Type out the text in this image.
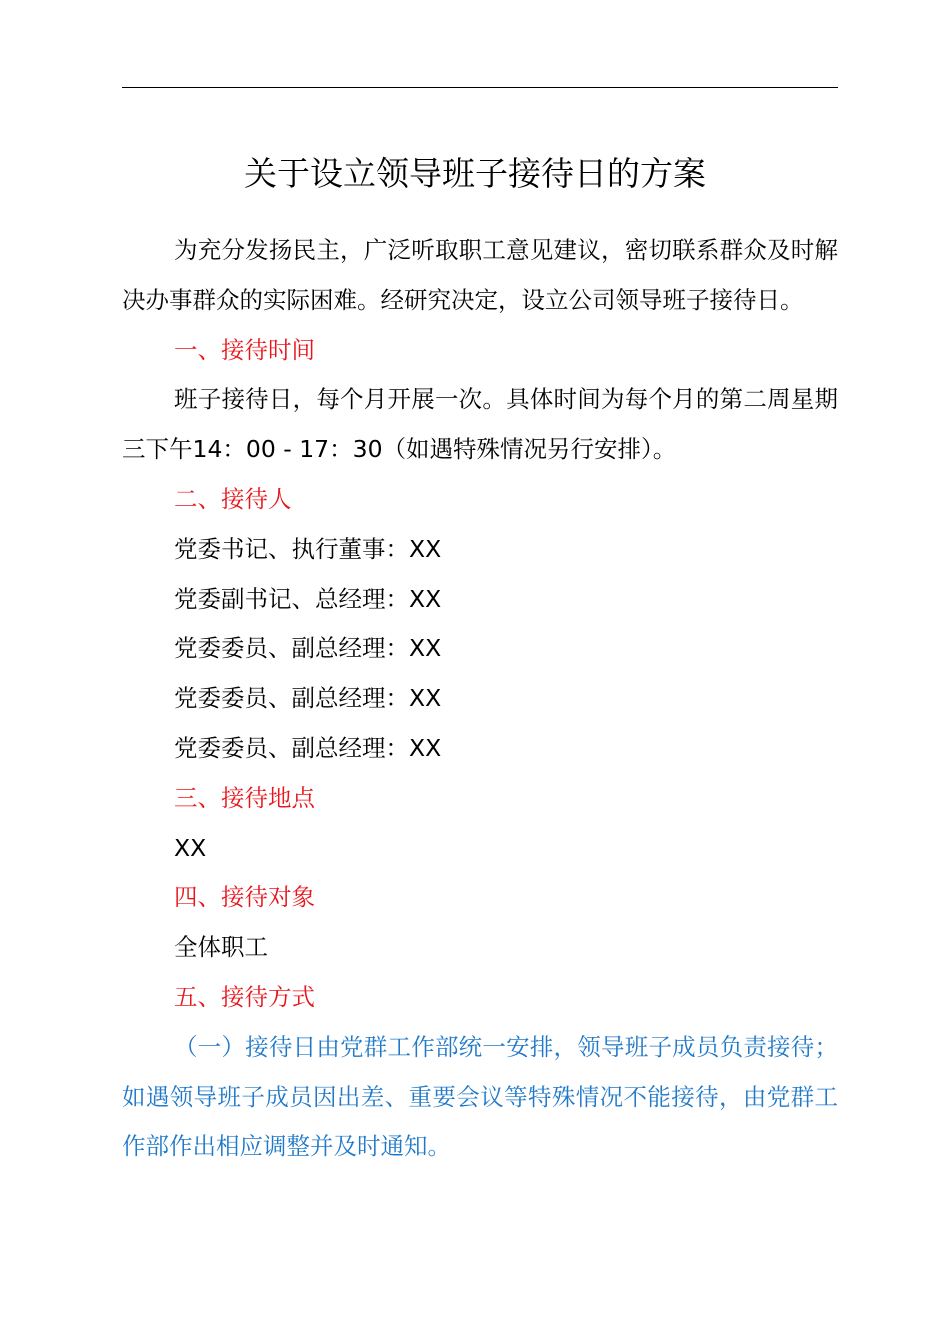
关于设立领导班子接待日的方案

为充分发扬民主，广泛听取职工意见建议，密切联系群众及时解决办事群众的实际困难。经研究决定，设立公司领导班子接待日。

一、接待时间

班子接待日，每个月开展一次。具体时间为每个月的第二周星期三下午14：00 - 17：30（如遇特殊情况另行安排）。

二、接待人

党委书记、执行董事：XX

党委副书记、总经理：XX

党委委员、副总经理：XX

党委委员、副总经理：XX

党委委员、副总经理：XX

三、接待地点

XX

四、接待对象

全体职工

五、接待方式

（一）接待日由党群工作部统一安排，领导班子成员负责接待；如遇领导班子成员因出差、重要会议等特殊情况不能接待，由党群工作部作出相应调整并及时通知。
